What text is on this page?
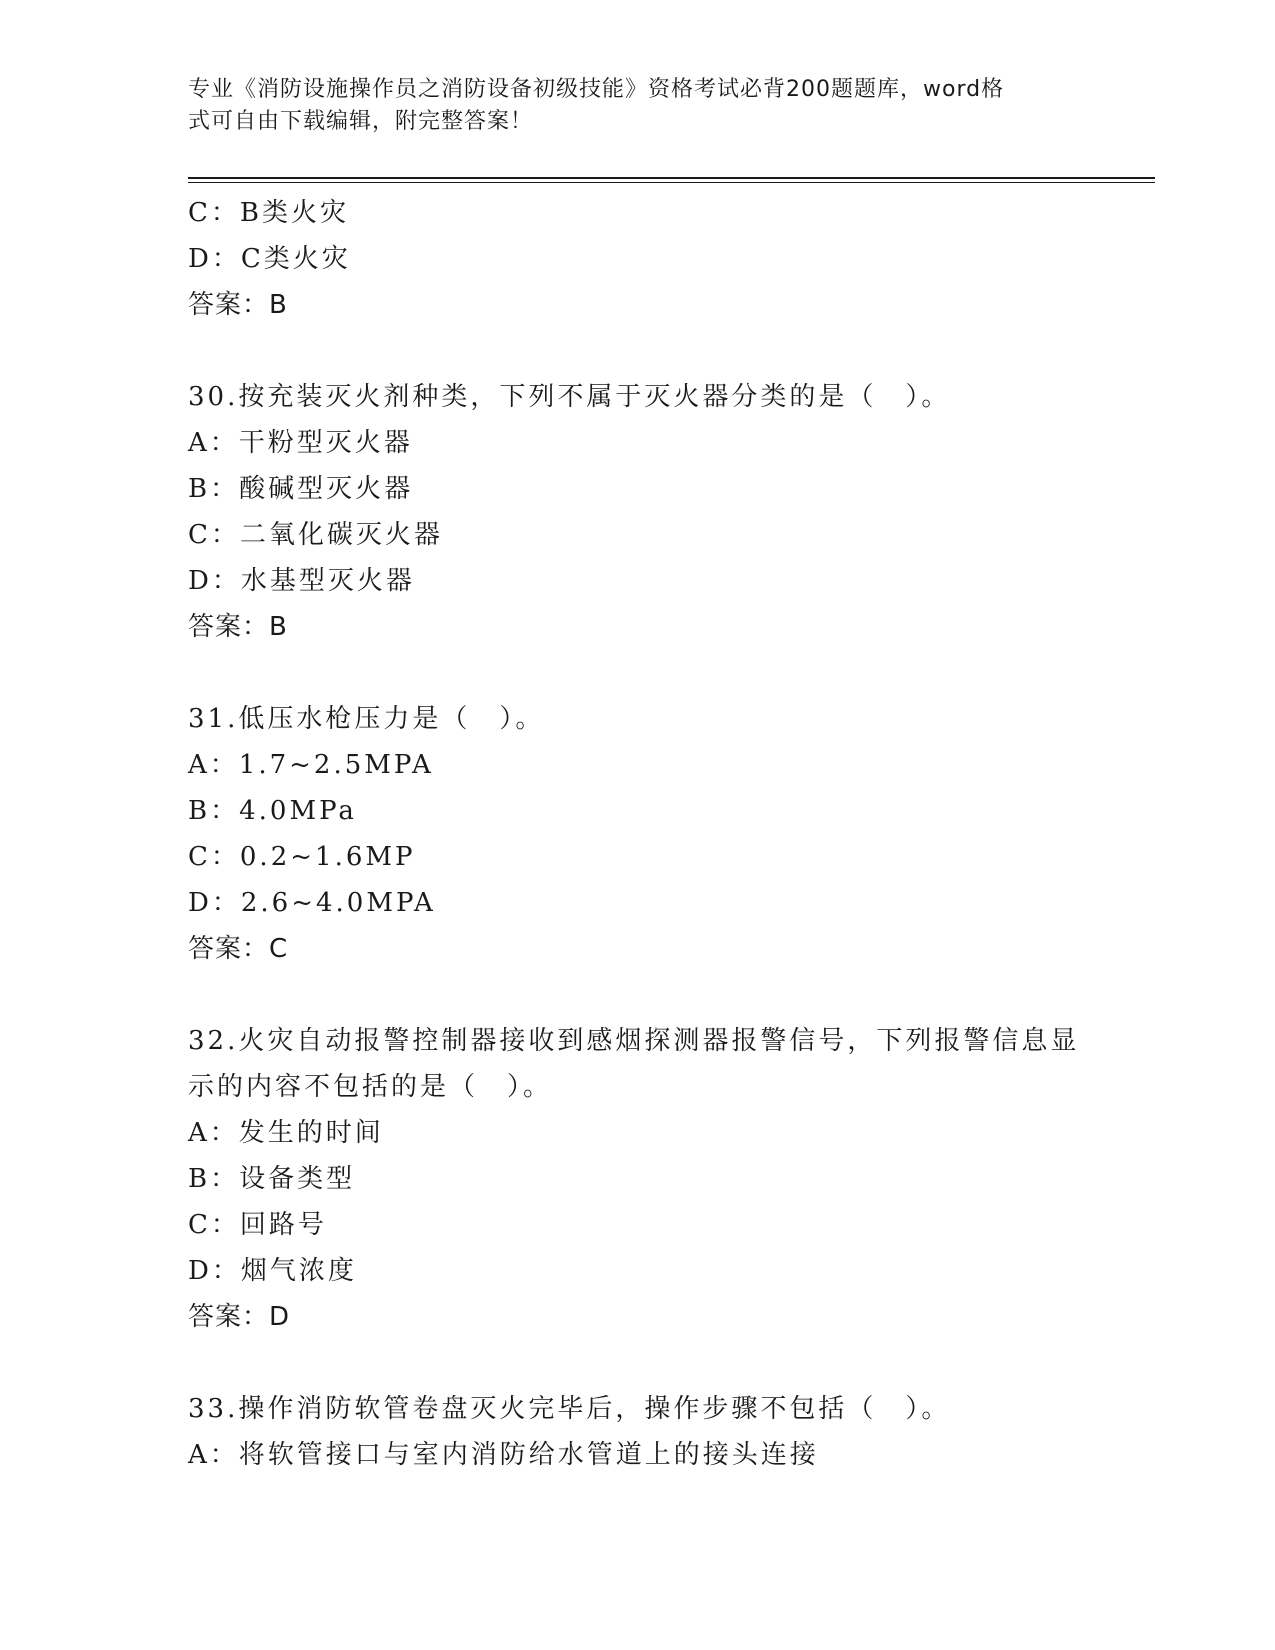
专业《消防设施操作员之消防设备初级技能》资格考试必背200题题库，word格
式可自由下载编辑，附完整答案！
C：B类火灾
D：C类火灾
答案：B
30.按充装灭火剂种类，下列不属于灭火器分类的是（　）。
A：干粉型灭火器
B：酸碱型灭火器
C：二氧化碳灭火器
D：水基型灭火器
答案：B
31.低压水枪压力是（　）。
A：1.7~2.5MPA
B：4.0MPa
C：0.2~1.6MP
D：2.6~4.0MPA
答案：C
32.火灾自动报警控制器接收到感烟探测器报警信号，下列报警信息显
示的内容不包括的是（　）。
A：发生的时间
B：设备类型
C：回路号
D：烟气浓度
答案：D
33.操作消防软管卷盘灭火完毕后，操作步骤不包括（　）。
A：将软管接口与室内消防给水管道上的接头连接
